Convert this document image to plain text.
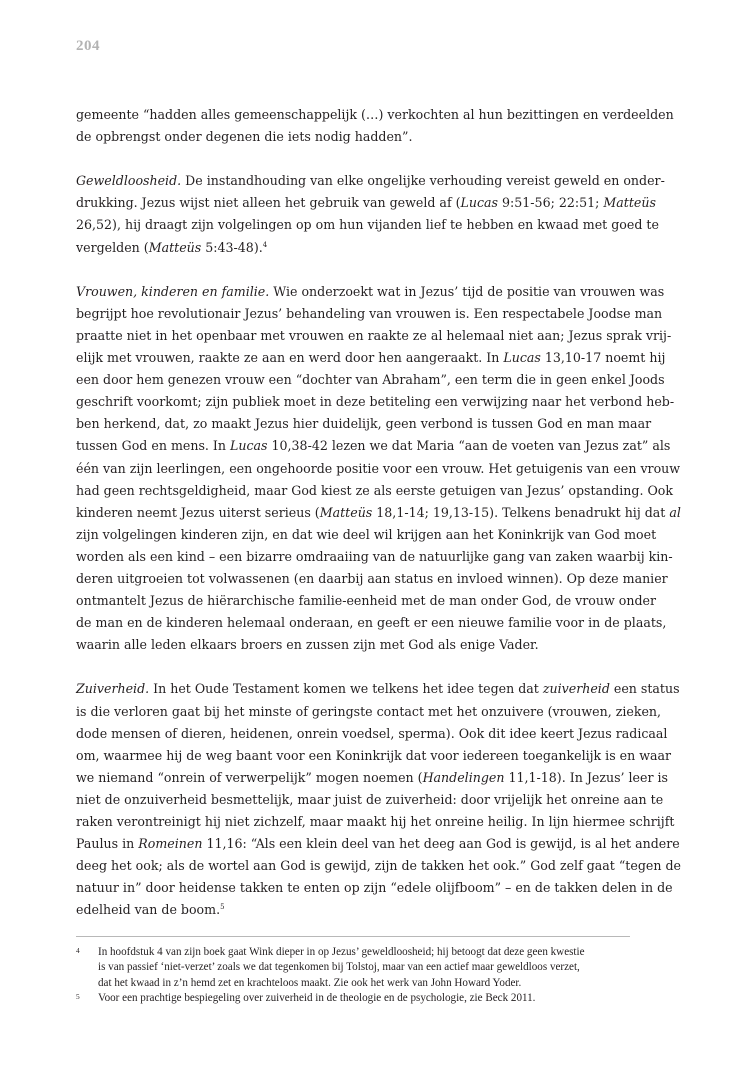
204
gemeente “hadden alles gemeenschappelijk (…) verkochten al hun bezittingen en verdeelden
de opbrengst onder degenen die iets nodig hadden”.
Geweldloosheid. De instandhouding van elke ongelijke verhouding vereist geweld en onder-
drukking. Jezus wijst niet alleen het gebruik van geweld af (Lucas 9:51-56; 22:51; Matteüs
26,52), hij draagt zijn volgelingen op om hun vijanden lief te hebben en kwaad met goed te
vergelden (Matteüs 5:43-48).$^4$
Vrouwen, kinderen en familie. Wie onderzoekt wat in Jezus’ tijd de positie van vrouwen was
begrijpt hoe revolutionair Jezus’ behandeling van vrouwen is. Een respectabele Joodse man
praatte niet in het openbaar met vrouwen en raakte ze al helemaal niet aan; Jezus sprak vrij-
elijk met vrouwen, raakte ze aan en werd door hen aangeraakt. In Lucas 13,10-17 noemt hij
een door hem genezen vrouw een “dochter van Abraham”, een term die in geen enkel Joods
geschrift voorkomt; zijn publiek moet in deze betiteling een verwijzing naar het verbond heb-
ben herkend, dat, zo maakt Jezus hier duidelijk, geen verbond is tussen God en man maar
tussen God en mens. In Lucas 10,38-42 lezen we dat Maria “aan de voeten van Jezus zat” als
één van zijn leerlingen, een ongehoorde positie voor een vrouw. Het getuigenis van een vrouw
had geen rechtsgeldigheid, maar God kiest ze als eerste getuigen van Jezus’ opstanding. Ook
kinderen neemt Jezus uiterst serieus (Matteüs 18,1-14; 19,13-15). Telkens benadrukt hij dat al
zijn volgelingen kinderen zijn, en dat wie deel wil krijgen aan het Koninkrijk van God moet
worden als een kind – een bizarre omdraaiing van de natuurlijke gang van zaken waarbij kin-
deren uitgroeien tot volwassenen (en daarbij aan status en invloed winnen). Op deze manier
ontmantelt Jezus de hiërarchische familie-eenheid met de man onder God, de vrouw onder
de man en de kinderen helemaal onderaan, en geeft er een nieuwe familie voor in de plaats,
waarin alle leden elkaars broers en zussen zijn met God als enige Vader.
Zuiverheid. In het Oude Testament komen we telkens het idee tegen dat zuiverheid een status
is die verloren gaat bij het minste of geringste contact met het onzuivere (vrouwen, zieken,
dode mensen of dieren, heidenen, onrein voedsel, sperma). Ook dit idee keert Jezus radicaal
om, waarmee hij de weg baant voor een Koninkrijk dat voor iedereen toegankelijk is en waar
we niemand “onrein of verwerpelijk” mogen noemen (Handelingen 11,1-18). In Jezus’ leer is
niet de onzuiverheid besmettelijk, maar juist de zuiverheid: door vrijelijk het onreine aan te
raken verontreinigt hij niet zichzelf, maar maakt hij het onreine heilig. In lijn hiermee schrijft
Paulus in Romeinen 11,16: “Als een klein deel van het deeg aan God is gewijd, is al het andere
deeg het ook; als de wortel aan God is gewijd, zijn de takken het ook.” God zelf gaat “tegen de
natuur in” door heidense takken te enten op zijn “edele olijfboom” – en de takken delen in de
edelheid van de boom.$^5$
4 In hoofdstuk 4 van zijn boek gaat Wink dieper in op Jezus’ geweldloosheid; hij betoogt dat deze geen kwestie
is van passief ‘niet-verzet’ zoals we dat tegenkomen bij Tolstoj, maar van een actief maar geweldloos verzet,
dat het kwaad in z’n hemd zet en krachteloos maakt. Zie ook het werk van John Howard Yoder.
5 Voor een prachtige bespiegeling over zuiverheid in de theologie en de psychologie, zie Beck 2011.
